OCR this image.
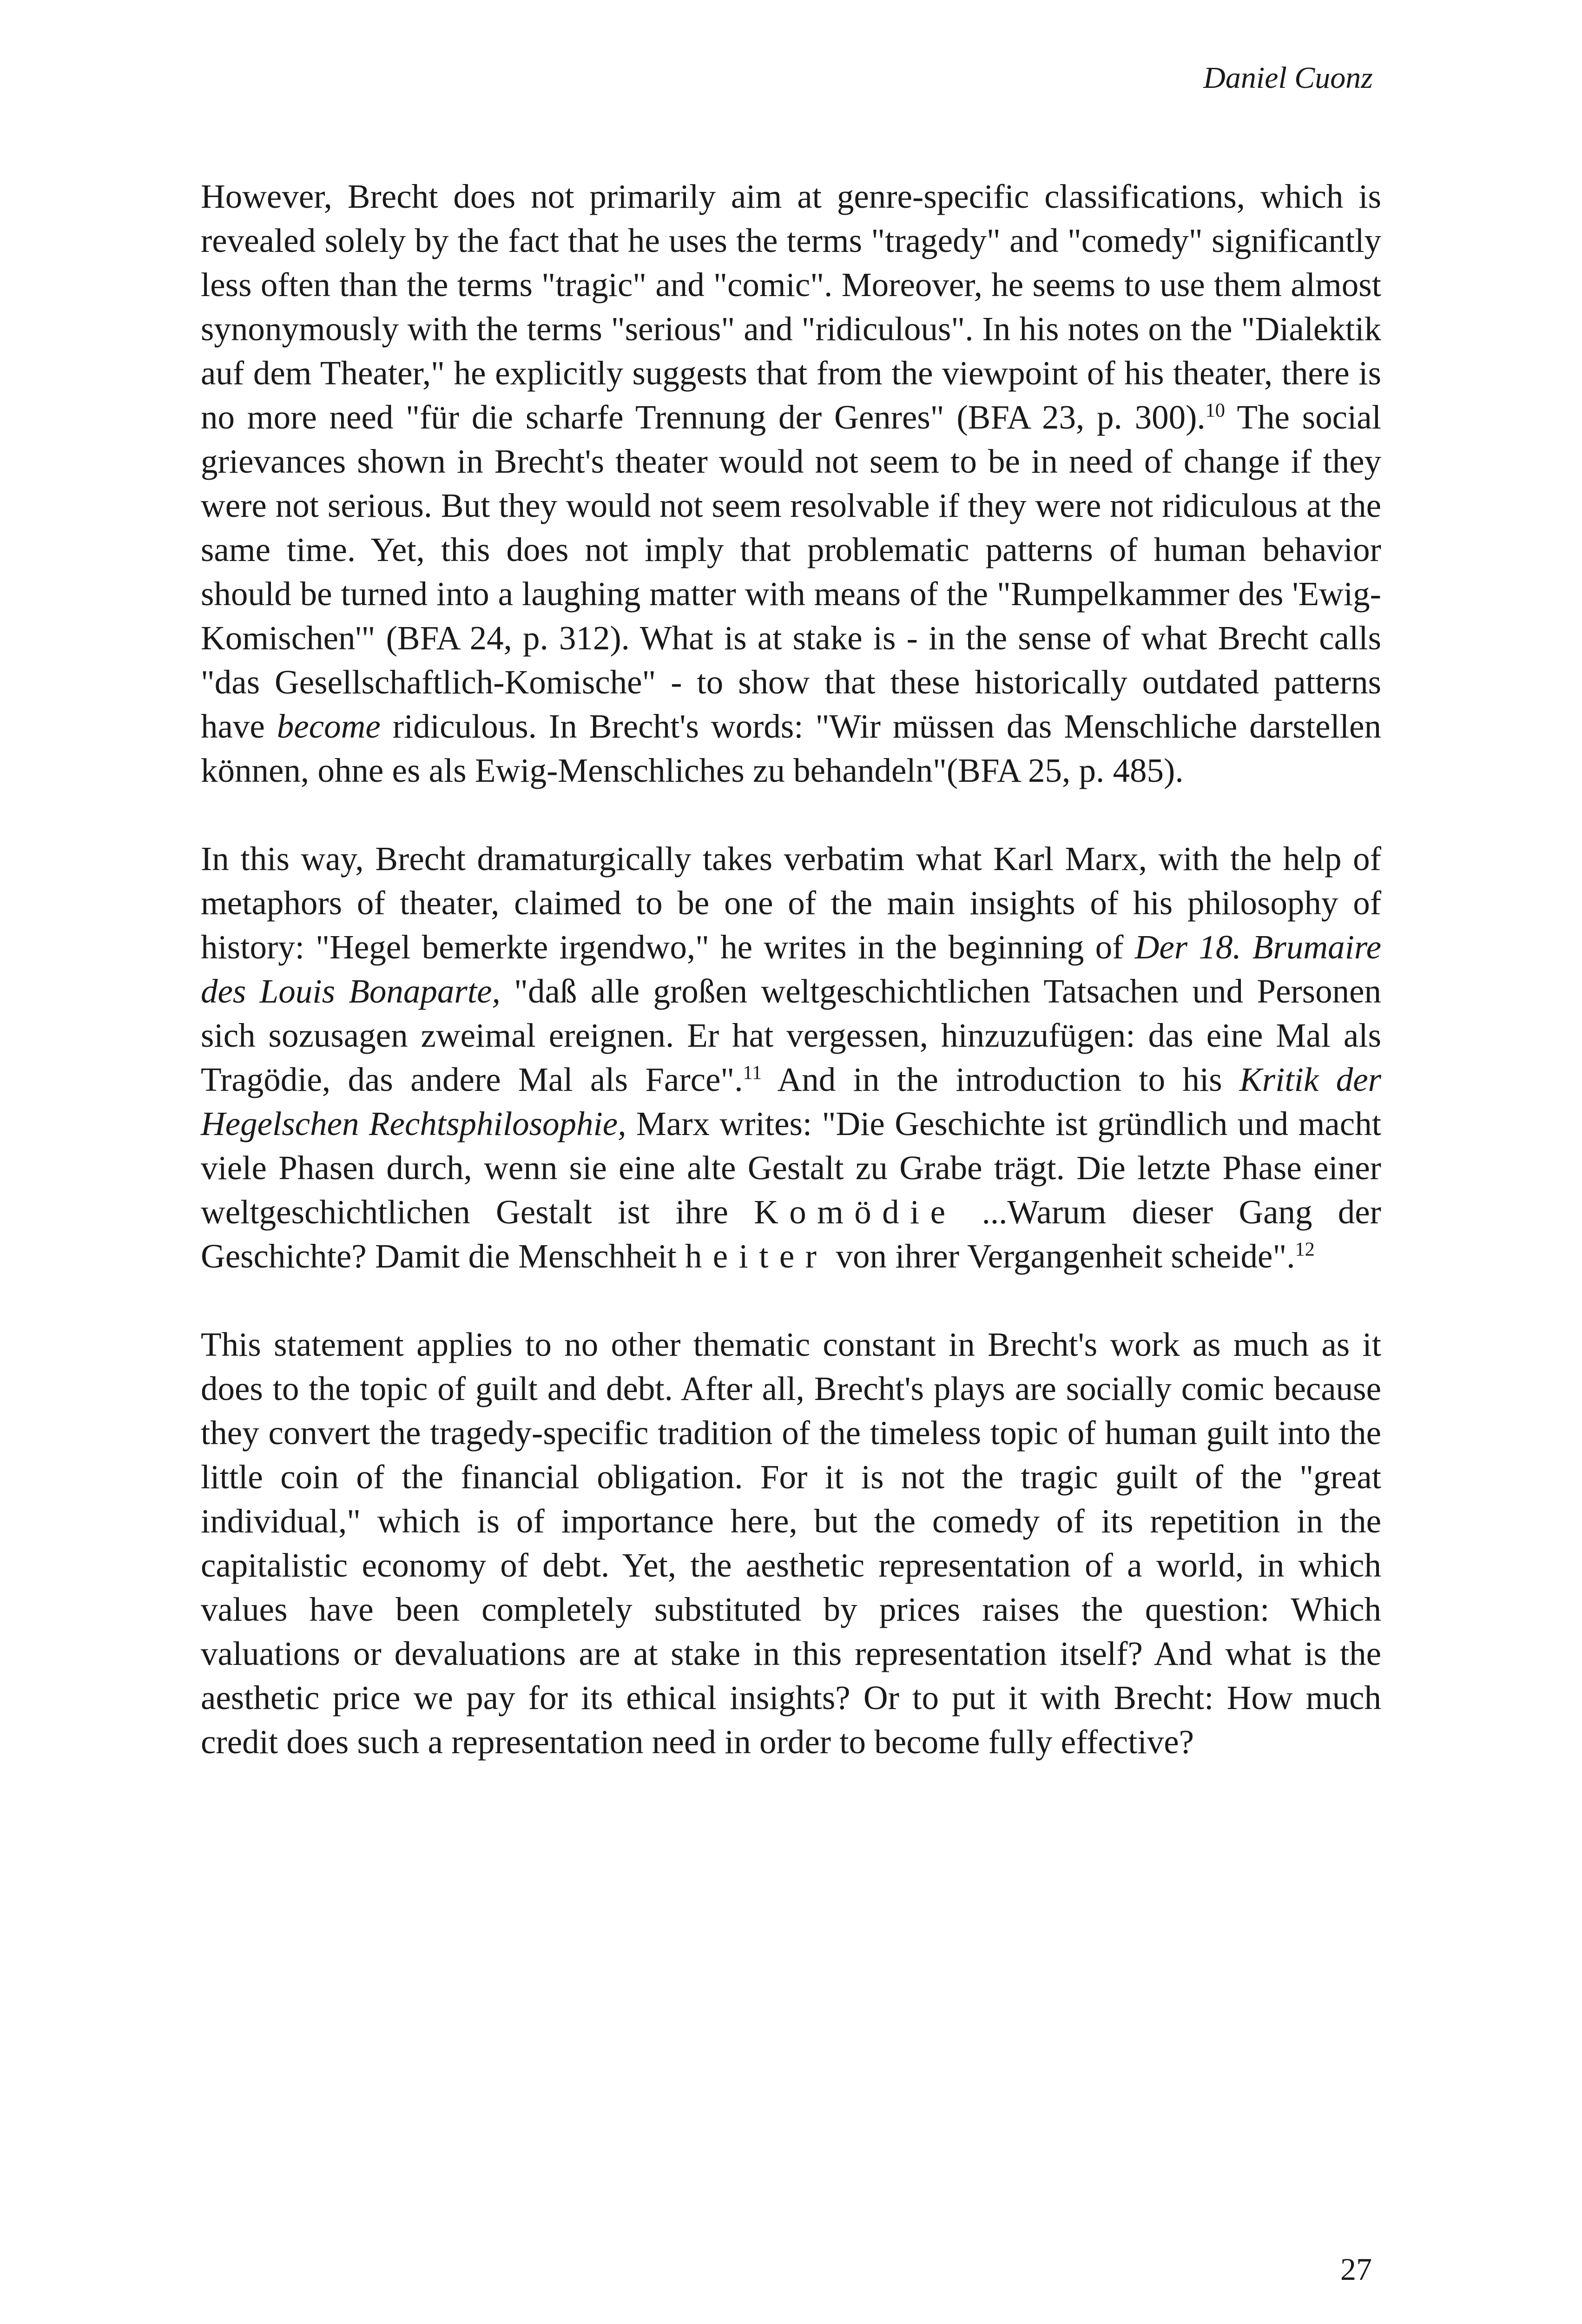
Daniel Cuonz

However, Brecht does not primarily aim at genre-specific classifications, which is revealed solely by the fact that he uses the terms "tragedy" and "comedy" significantly less often than the terms "tragic" and "comic". Moreover, he seems to use them almost synonymously with the terms "serious" and "ridiculous". In his notes on the "Dialektik auf dem Theater," he explicitly suggests that from the viewpoint of his theater, there is no more need "für die scharfe Trennung der Genres" (BFA 23, p. 300).$^{10}$ The social grievances shown in Brecht's theater would not seem to be in need of change if they were not serious. But they would not seem resolvable if they were not ridiculous at the same time. Yet, this does not imply that problematic patterns of human behavior should be turned into a laughing matter with means of the "Rumpelkammer des 'Ewig-Komischen'" (BFA 24, p. 312). What is at stake is - in the sense of what Brecht calls "das Gesellschaftlich-Komische" - to show that these historically outdated patterns have become ridiculous. In Brecht's words: "Wir müssen das Menschliche darstellen können, ohne es als Ewig-Menschliches zu behandeln"(BFA 25, p. 485).

In this way, Brecht dramaturgically takes verbatim what Karl Marx, with the help of metaphors of theater, claimed to be one of the main insights of his philosophy of history: "Hegel bemerkte irgendwo," he writes in the beginning of Der 18. Brumaire des Louis Bonaparte, "daß alle großen weltgeschichtlichen Tatsachen und Personen sich sozusagen zweimal ereignen. Er hat vergessen, hinzuzufügen: das eine Mal als Tragödie, das andere Mal als Farce".$^{11}$ And in the introduction to his Kritik der Hegelschen Rechtsphilosophie, Marx writes: "Die Geschichte ist gründlich und macht viele Phasen durch, wenn sie eine alte Gestalt zu Grabe trägt. Die letzte Phase einer weltgeschichtlichen Gestalt ist ihre Komödie ...Warum dieser Gang der Geschichte? Damit die Menschheit heiter von ihrer Vergangenheit scheide".$^{12}$

This statement applies to no other thematic constant in Brecht's work as much as it does to the topic of guilt and debt. After all, Brecht's plays are socially comic because they convert the tragedy-specific tradition of the timeless topic of human guilt into the little coin of the financial obligation. For it is not the tragic guilt of the "great individual," which is of importance here, but the comedy of its repetition in the capitalistic economy of debt. Yet, the aesthetic representation of a world, in which values have been completely substituted by prices raises the question: Which valuations or devaluations are at stake in this representation itself? And what is the aesthetic price we pay for its ethical insights? Or to put it with Brecht: How much credit does such a representation need in order to become fully effective?

27
